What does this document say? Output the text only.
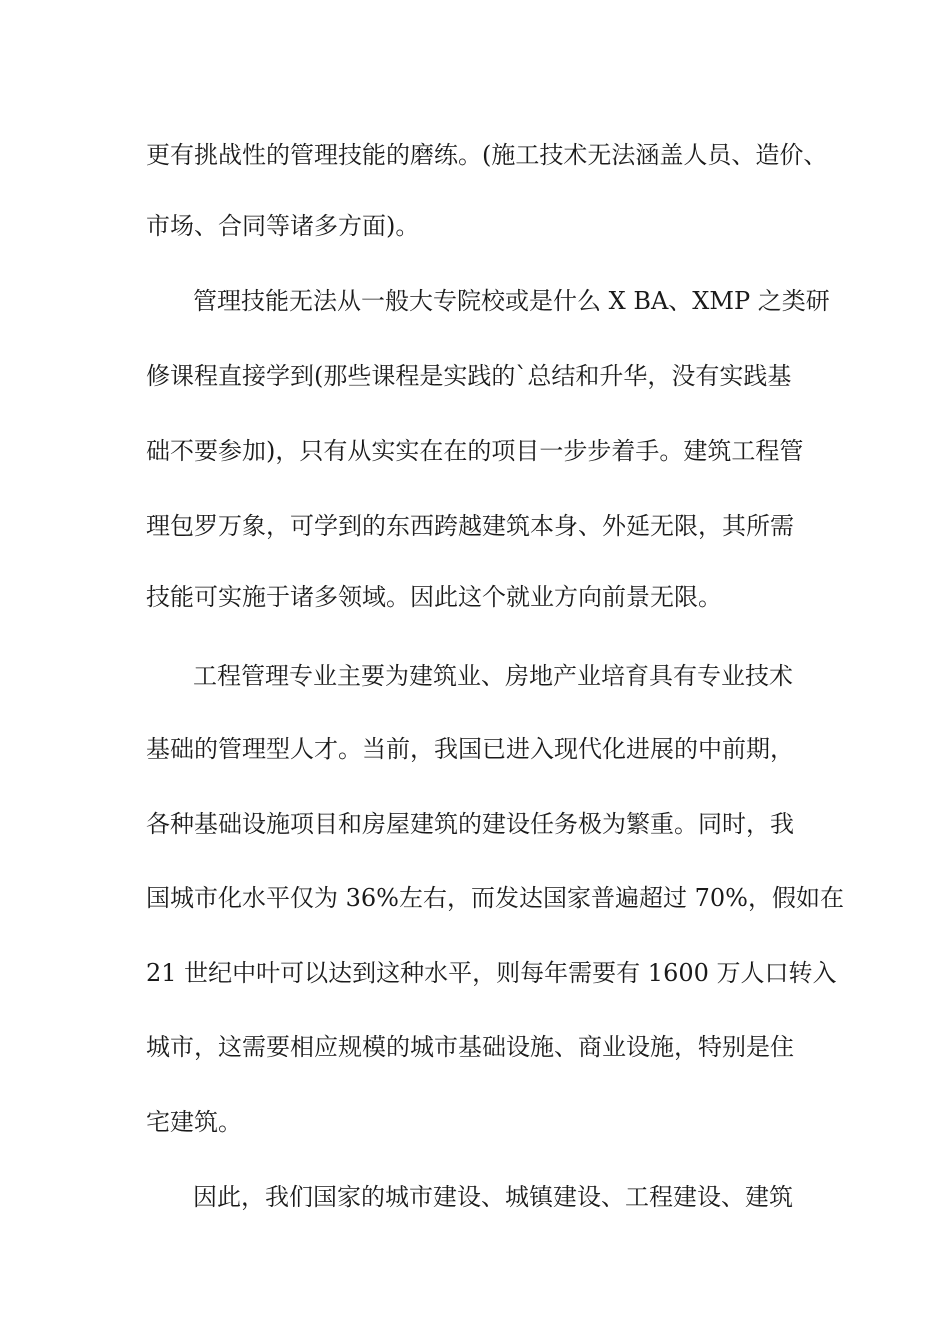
更有挑战性的管理技能的磨练。(施工技术无法涵盖人员、造价、
市场、合同等诸多方面)。
管理技能无法从一般大专院校或是什么 X BA、XMP 之类研
修课程直接学到(那些课程是实践的`总结和升华，没有实践基
础不要参加)，只有从实实在在的项目一步步着手。建筑工程管
理包罗万象，可学到的东西跨越建筑本身、外延无限，其所需
技能可实施于诸多领域。因此这个就业方向前景无限。
工程管理专业主要为建筑业、房地产业培育具有专业技术
基础的管理型人才。当前，我国已进入现代化进展的中前期，
各种基础设施项目和房屋建筑的建设任务极为繁重。同时，我
国城市化水平仅为 36%左右，而发达国家普遍超过 70%，假如在
21 世纪中叶可以达到这种水平，则每年需要有 1600 万人口转入
城市，这需要相应规模的城市基础设施、商业设施，特别是住
宅建筑。
因此，我们国家的城市建设、城镇建设、工程建设、建筑
